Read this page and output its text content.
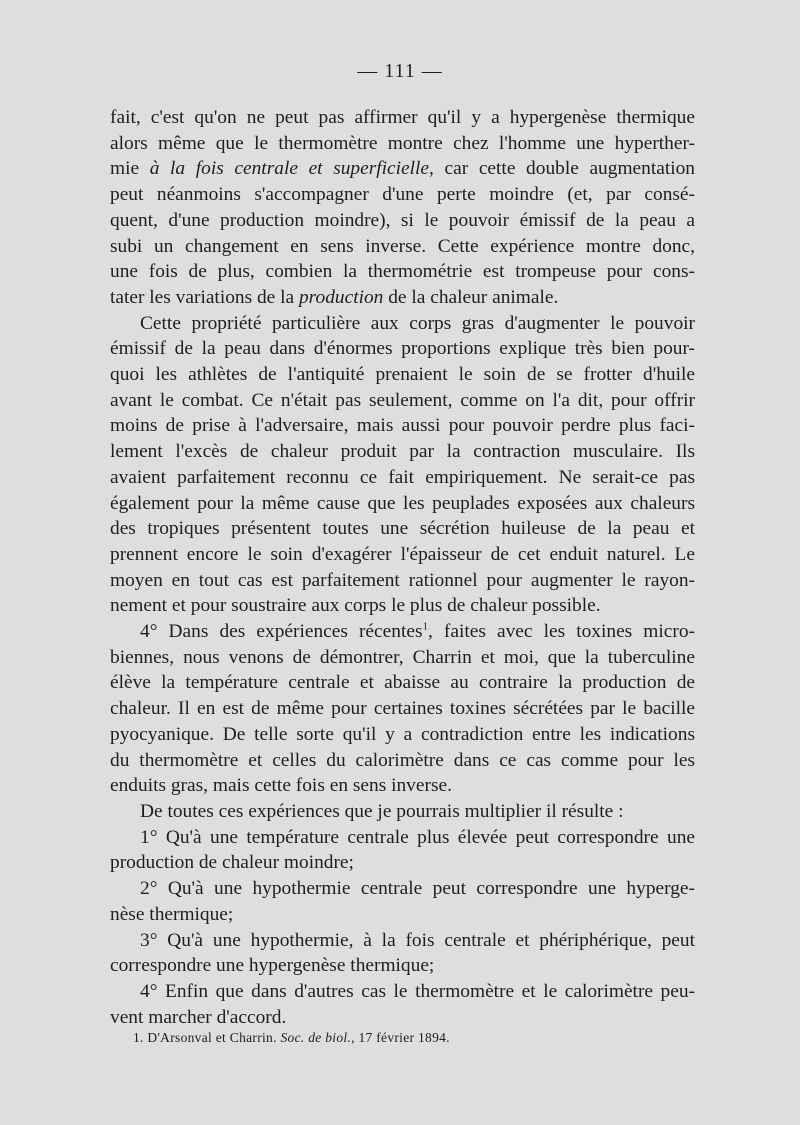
— 111 —

fait, c'est qu'on ne peut pas affirmer qu'il y a hypergenèse thermique
alors même que le thermomètre montre chez l'homme une hyperther-
mie à la fois centrale et superficielle, car cette double augmentation
peut néanmoins s'accompagner d'une perte moindre (et, par consé-
quent, d'une production moindre), si le pouvoir émissif de la peau a
subi un changement en sens inverse. Cette expérience montre donc,
une fois de plus, combien la thermométrie est trompeuse pour cons-
tater les variations de la production de la chaleur animale.

Cette propriété particulière aux corps gras d'augmenter le pouvoir
émissif de la peau dans d'énormes proportions explique très bien pour-
quoi les athlètes de l'antiquité prenaient le soin de se frotter d'huile
avant le combat. Ce n'était pas seulement, comme on l'a dit, pour offrir
moins de prise à l'adversaire, mais aussi pour pouvoir perdre plus faci-
lement l'excès de chaleur produit par la contraction musculaire. Ils
avaient parfaitement reconnu ce fait empiriquement. Ne serait-ce pas
également pour la même cause que les peuplades exposées aux chaleurs
des tropiques présentent toutes une sécrétion huileuse de la peau et
prennent encore le soin d'exagérer l'épaisseur de cet enduit naturel. Le
moyen en tout cas est parfaitement rationnel pour augmenter le rayon-
nement et pour soustraire aux corps le plus de chaleur possible.

4° Dans des expériences récentes$^1$, faites avec les toxines micro-
biennes, nous venons de démontrer, Charrin et moi, que la tuberculine
élève la température centrale et abaisse au contraire la production de
chaleur. Il en est de même pour certaines toxines sécrétées par le bacille
pyocyanique. De telle sorte qu'il y a contradiction entre les indications
du thermomètre et celles du calorimètre dans ce cas comme pour les
enduits gras, mais cette fois en sens inverse.

De toutes ces expériences que je pourrais multiplier il résulte :

1° Qu'à une température centrale plus élevée peut correspondre une
production de chaleur moindre;

2° Qu'à une hypothermie centrale peut correspondre une hyperge-
nèse thermique;

3° Qu'à une hypothermie, à la fois centrale et phériphérique, peut
correspondre une hypergenèse thermique;

4° Enfin que dans d'autres cas le thermomètre et le calorimètre peu-
vent marcher d'accord.

1. D'Arsonval et Charrin. Soc. de biol., 17 février 1894.
